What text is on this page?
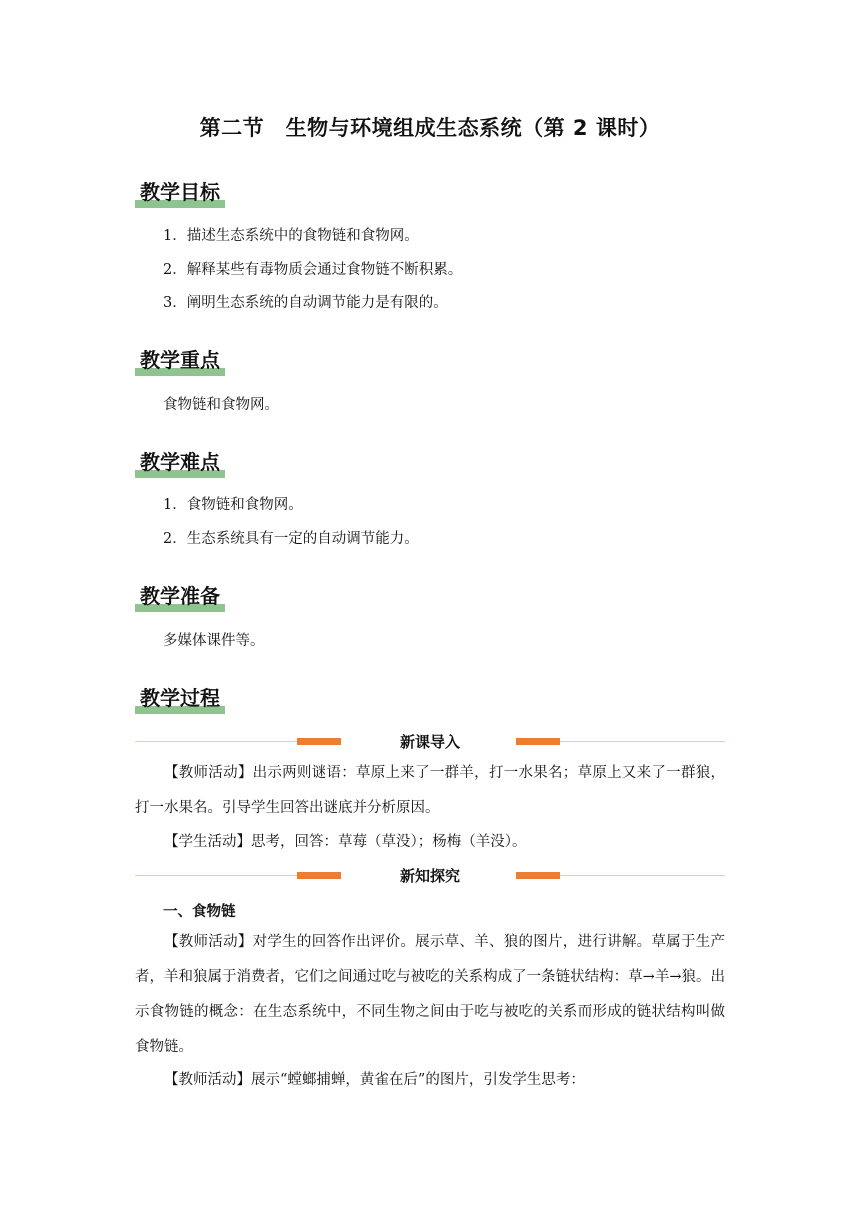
第二节　生物与环境组成生态系统（第 2 课时）
教学目标
1．描述生态系统中的食物链和食物网。
2．解释某些有毒物质会通过食物链不断积累。
3．阐明生态系统的自动调节能力是有限的。
教学重点
食物链和食物网。
教学难点
1．食物链和食物网。
2．生态系统具有一定的自动调节能力。
教学准备
多媒体课件等。
教学过程
新课导入
【教师活动】出示两则谜语：草原上来了一群羊，打一水果名；草原上又来了一群狼，打一水果名。引导学生回答出谜底并分析原因。
【学生活动】思考，回答：草莓（草没）；杨梅（羊没）。
新知探究
一、食物链
【教师活动】对学生的回答作出评价。展示草、羊、狼的图片，进行讲解。草属于生产者，羊和狼属于消费者，它们之间通过吃与被吃的关系构成了一条链状结构：草→羊→狼。出示食物链的概念：在生态系统中，不同生物之间由于吃与被吃的关系而形成的链状结构叫做食物链。
【教师活动】展示“螳螂捕蝉，黄雀在后”的图片，引发学生思考：
